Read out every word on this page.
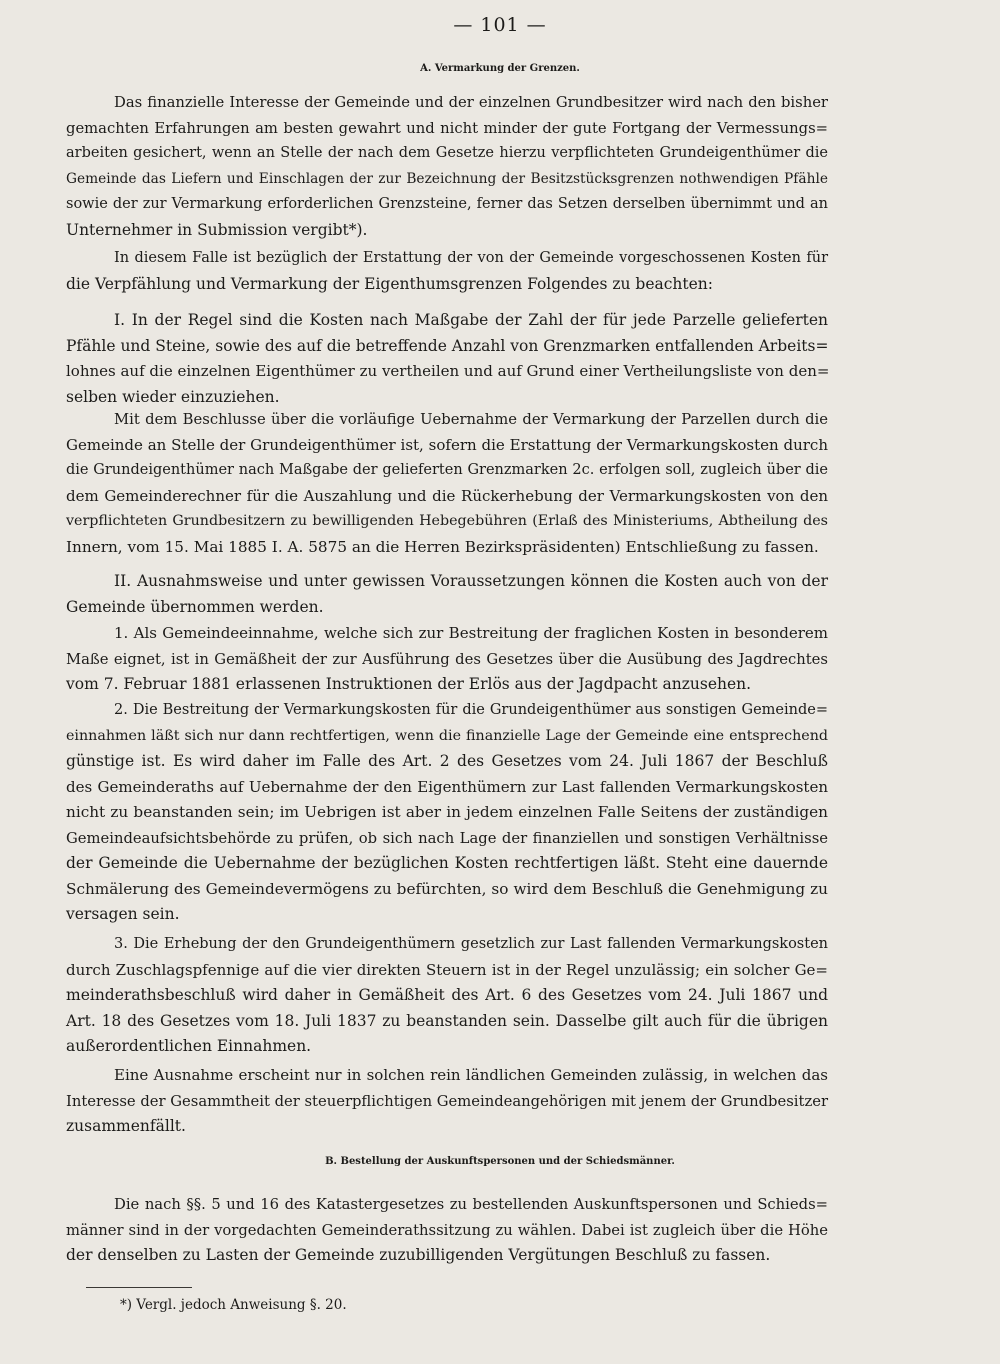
— 101 —
A. Vermarkung der Grenzen.
Das finanzielle Interesse der Gemeinde und der einzelnen Grundbesitzer wird nach den bisher
gemachten Erfahrungen am besten gewahrt und nicht minder der gute Fortgang der Vermessungs=
arbeiten gesichert, wenn an Stelle der nach dem Gesetze hierzu verpflichteten Grundeigenthümer die
Gemeinde das Liefern und Einschlagen der zur Bezeichnung der Besitzstücksgrenzen nothwendigen Pfähle
sowie der zur Vermarkung erforderlichen Grenzsteine, ferner das Setzen derselben übernimmt und an
Unternehmer in Submission vergibt*).
In diesem Falle ist bezüglich der Erstattung der von der Gemeinde vorgeschossenen Kosten für
die Verpfählung und Vermarkung der Eigenthumsgrenzen Folgendes zu beachten:
I. In der Regel sind die Kosten nach Maßgabe der Zahl der für jede Parzelle gelieferten
Pfähle und Steine, sowie des auf die betreffende Anzahl von Grenzmarken entfallenden Arbeits=
lohnes auf die einzelnen Eigenthümer zu vertheilen und auf Grund einer Vertheilungsliste von den=
selben wieder einzuziehen.
Mit dem Beschlusse über die vorläufige Uebernahme der Vermarkung der Parzellen durch die
Gemeinde an Stelle der Grundeigenthümer ist, sofern die Erstattung der Vermarkungskosten durch
die Grundeigenthümer nach Maßgabe der gelieferten Grenzmarken 2c. erfolgen soll, zugleich über die
dem Gemeinderechner für die Auszahlung und die Rückerhebung der Vermarkungskosten von den
verpflichteten Grundbesitzern zu bewilligenden Hebegebühren (Erlaß des Ministeriums, Abtheilung des
Innern, vom 15. Mai 1885 I. A. 5875 an die Herren Bezirkspräsidenten) Entschließung zu fassen.
II. Ausnahmsweise und unter gewissen Voraussetzungen können die Kosten auch von der
Gemeinde übernommen werden.
1. Als Gemeindeeinnahme, welche sich zur Bestreitung der fraglichen Kosten in besonderem
Maße eignet, ist in Gemäßheit der zur Ausführung des Gesetzes über die Ausübung des Jagdrechtes
vom 7. Februar 1881 erlassenen Instruktionen der Erlös aus der Jagdpacht anzusehen.
2. Die Bestreitung der Vermarkungskosten für die Grundeigenthümer aus sonstigen Gemeinde=
einnahmen läßt sich nur dann rechtfertigen, wenn die finanzielle Lage der Gemeinde eine entsprechend
günstige ist. Es wird daher im Falle des Art. 2 des Gesetzes vom 24. Juli 1867 der Beschluß
des Gemeinderaths auf Uebernahme der den Eigenthümern zur Last fallenden Vermarkungskosten
nicht zu beanstanden sein; im Uebrigen ist aber in jedem einzelnen Falle Seitens der zuständigen
Gemeindeaufsichtsbehörde zu prüfen, ob sich nach Lage der finanziellen und sonstigen Verhältnisse
der Gemeinde die Uebernahme der bezüglichen Kosten rechtfertigen läßt. Steht eine dauernde
Schmälerung des Gemeindevermögens zu befürchten, so wird dem Beschluß die Genehmigung zu
versagen sein.
3. Die Erhebung der den Grundeigenthümern gesetzlich zur Last fallenden Vermarkungskosten
durch Zuschlagspfennige auf die vier direkten Steuern ist in der Regel unzulässig; ein solcher Ge=
meinderathsbeschluß wird daher in Gemäßheit des Art. 6 des Gesetzes vom 24. Juli 1867 und
Art. 18 des Gesetzes vom 18. Juli 1837 zu beanstanden sein. Dasselbe gilt auch für die übrigen
außerordentlichen Einnahmen.
Eine Ausnahme erscheint nur in solchen rein ländlichen Gemeinden zulässig, in welchen das
Interesse der Gesammtheit der steuerpflichtigen Gemeindeangehörigen mit jenem der Grundbesitzer
zusammenfällt.
B. Bestellung der Auskunftspersonen und der Schiedsmänner.
Die nach §§. 5 und 16 des Katastergesetzes zu bestellenden Auskunftspersonen und Schieds=
männer sind in der vorgedachten Gemeinderathssitzung zu wählen. Dabei ist zugleich über die Höhe
der denselben zu Lasten der Gemeinde zuzubilligenden Vergütungen Beschluß zu fassen.
*) Vergl. jedoch Anweisung §. 20.
